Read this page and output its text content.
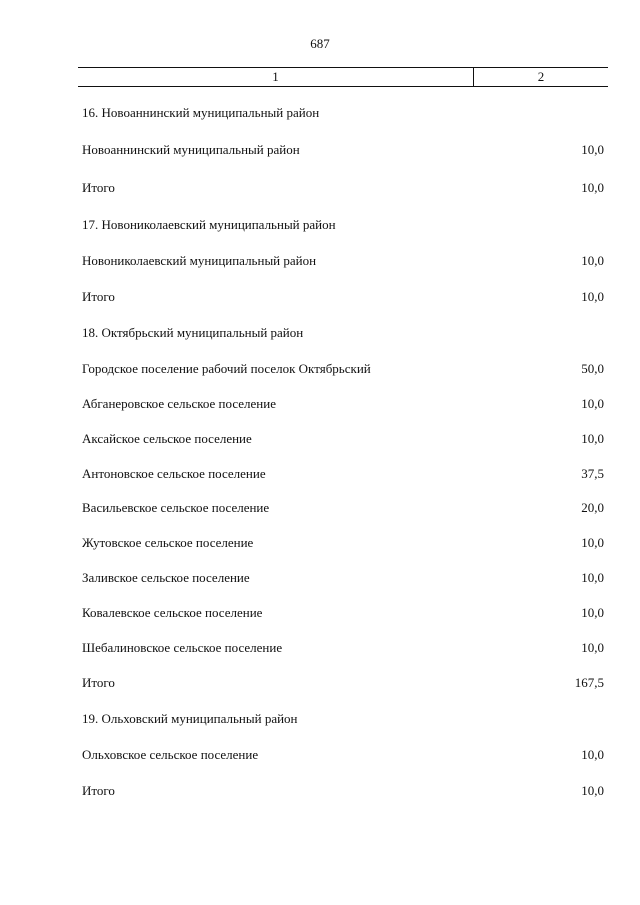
687
1	2
16. Новоаннинский муниципальный район
Новоаннинский муниципальный район	10,0
Итого	10,0
17. Новониколаевский муниципальный район
Новониколаевский муниципальный район	10,0
Итого	10,0
18. Октябрьский муниципальный район
Городское поселение рабочий поселок Октябрьский	50,0
Абганеровское сельское поселение	10,0
Аксайское сельское поселение	10,0
Антоновское сельское поселение	37,5
Васильевское сельское поселение	20,0
Жутовское сельское поселение	10,0
Заливское сельское поселение	10,0
Ковалевское сельское поселение	10,0
Шебалиновское сельское поселение	10,0
Итого	167,5
19. Ольховский муниципальный район
Ольховское сельское поселение	10,0
Итого	10,0
